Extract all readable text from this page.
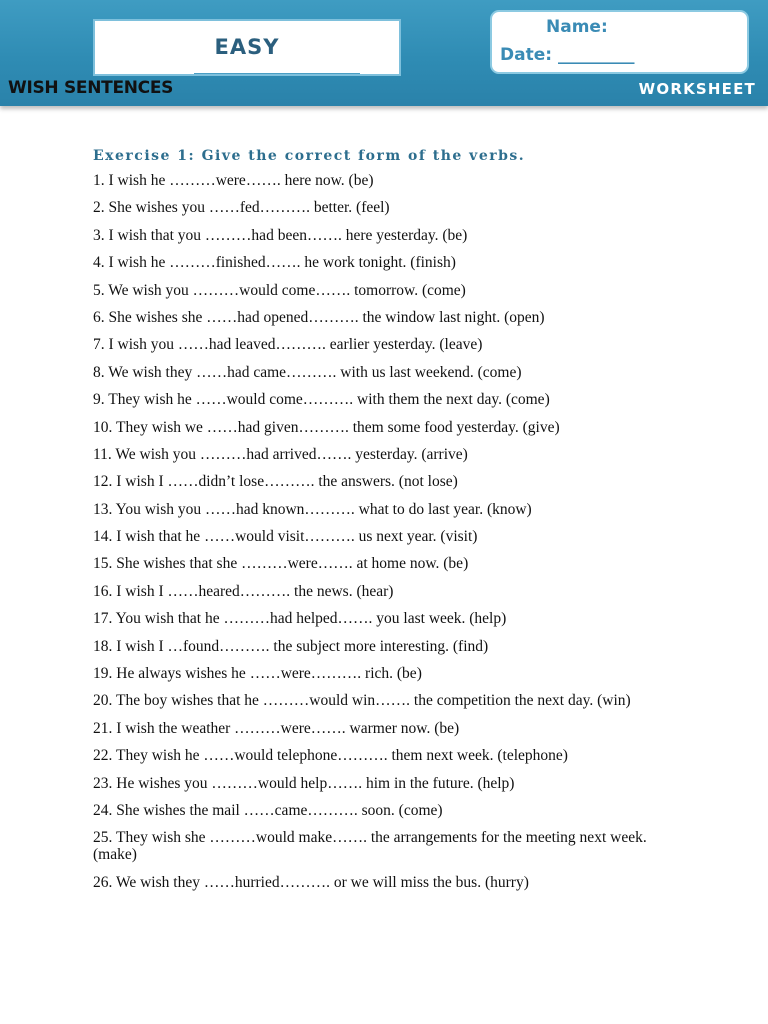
EASY
Name:
Date: _________
WISH SENTENCES	WORKSHEET
Exercise 1: Give the correct form of the verbs.
1. I wish he ………were……. here now. (be)
2. She wishes you ……fed………. better. (feel)
3. I wish that you ………had been……. here yesterday. (be)
4. I wish he ………finished……. he work tonight. (finish)
5. We wish you ………would come……. tomorrow. (come)
6. She wishes she ……had opened………. the window last night. (open)
7. I wish you ……had leaved………. earlier yesterday. (leave)
8. We wish they ……had came………. with us last weekend. (come)
9. They wish he ……would come………. with them the next day. (come)
10. They wish we ……had given………. them some food yesterday. (give)
11. We wish you ………had arrived……. yesterday. (arrive)
12. I wish I ……didn’t lose………. the answers. (not lose)
13. You wish you ……had known………. what to do last year. (know)
14. I wish that he ……would visit………. us next year. (visit)
15. She wishes that she ………were……. at home now. (be)
16. I wish I ……heared………. the news. (hear)
17. You wish that he ………had helped……. you last week. (help)
18. I wish I …found………. the subject more interesting. (find)
19. He always wishes he ……were………. rich. (be)
20. The boy wishes that he ………would win……. the competition the next day. (win)
21. I wish the weather ………were……. warmer now. (be)
22. They wish he ……would telephone………. them next week. (telephone)
23. He wishes you ………would help……. him in the future. (help)
24. She wishes the mail ……came………. soon. (come)
25. They wish she ………would make……. the arrangements for the meeting next week. (make)
26. We wish they ……hurried………. or we will miss the bus. (hurry)
